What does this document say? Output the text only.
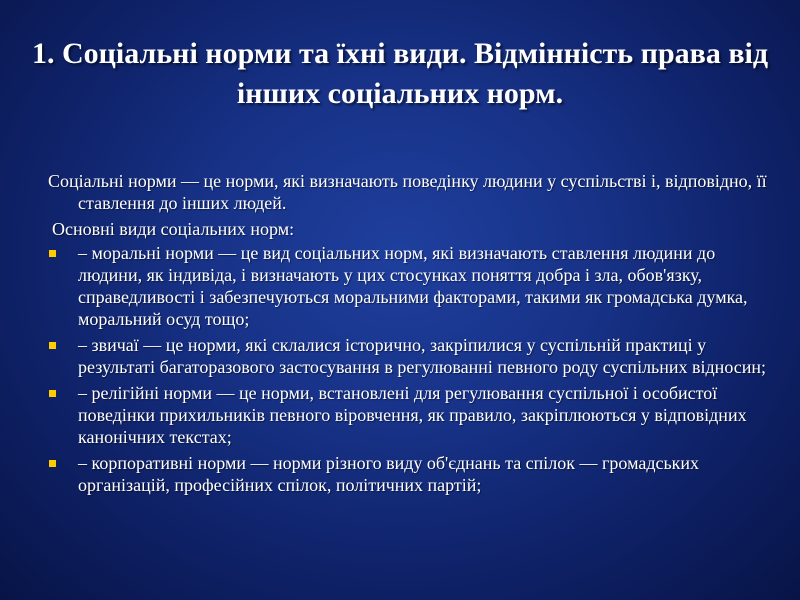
1. Соціальні норми та їхні види. Відмінність права від інших соціальних норм.

Соціальні норми — це норми, які визначають поведінку людини у суспільстві і, відповідно, її ставлення до інших людей.

Основні види соціальних норм:

– моральні норми — це вид соціальних норм, які визначають ставлення людини до людини, як індивіда, і визначають у цих стосунках поняття добра і зла, обов'язку, справедливості і забезпечуються моральними факторами, такими як громадська думка, моральний осуд тощо;
– звичаї — це норми, які склалися історично, закріпилися у суспільній практиці у результаті багаторазового застосування в регулюванні певного роду суспільних відносин;
– релігійні норми — це норми, встановлені для регулювання суспільної і особистої поведінки прихильників певного віровчення, як правило, закріплюються у відповідних канонічних текстах;
– корпоративні норми — норми різного виду об'єднань та спілок — громадських організацій, професійних спілок, політичних партій;
